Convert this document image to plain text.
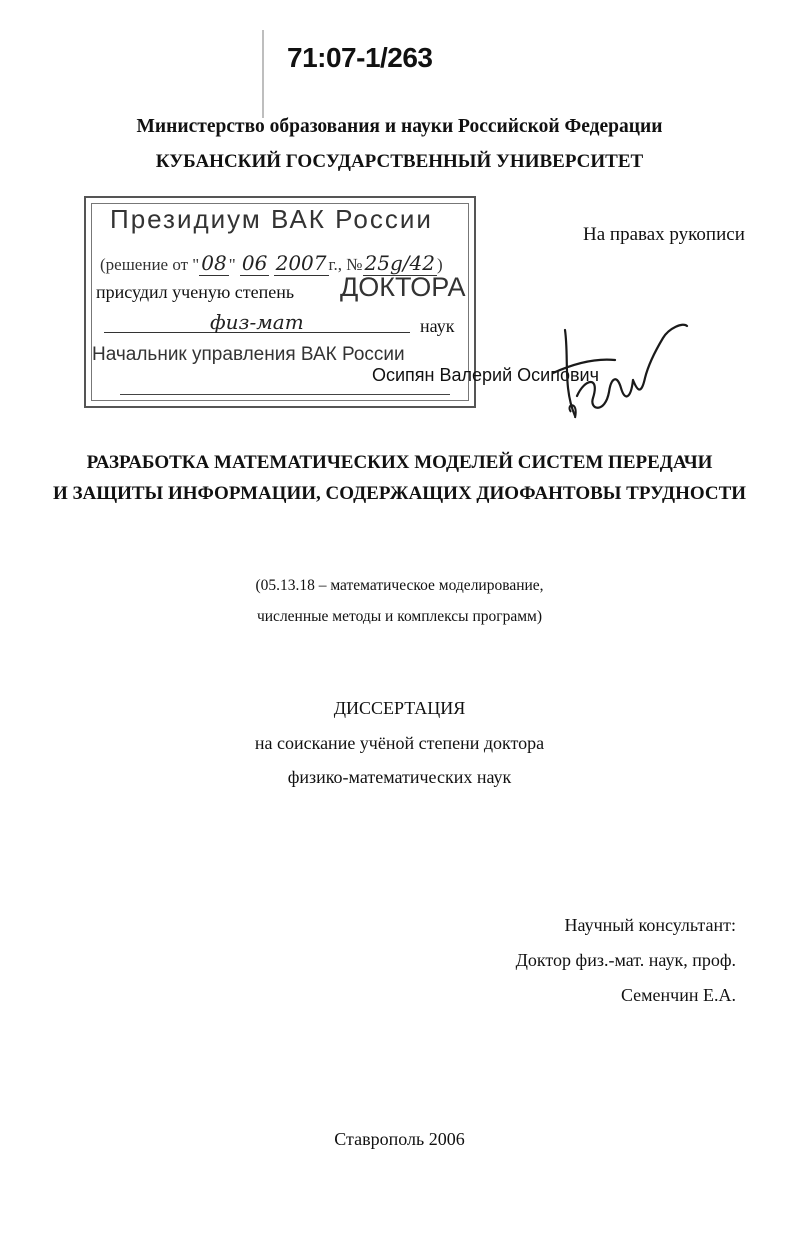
71:07-1/263
Министерство образования и науки Российской Федерации
КУБАНСКИЙ ГОСУДАРСТВЕННЫЙ УНИВЕРСИТЕТ
Президиум ВАК России
(решение от " 08 " 06 2007 г., № 25g/42 )
присудил ученую степень ДОКТОРА
физ-мат	наук
Начальник управления ВАК России
На правах рукописи
Осипян Валерий Осипович
РАЗРАБОТКА МАТЕМАТИЧЕСКИХ МОДЕЛЕЙ СИСТЕМ ПЕРЕДАЧИ
И ЗАЩИТЫ ИНФОРМАЦИИ, СОДЕРЖАЩИХ ДИОФАНТОВЫ ТРУДНОСТИ
(05.13.18 – математическое моделирование,
численные методы и комплексы программ)
ДИССЕРТАЦИЯ
на соискание учёной степени доктора
физико-математических наук
Научный консультант:
Доктор физ.-мат. наук, проф.
Семенчин Е.А.
Ставрополь 2006
